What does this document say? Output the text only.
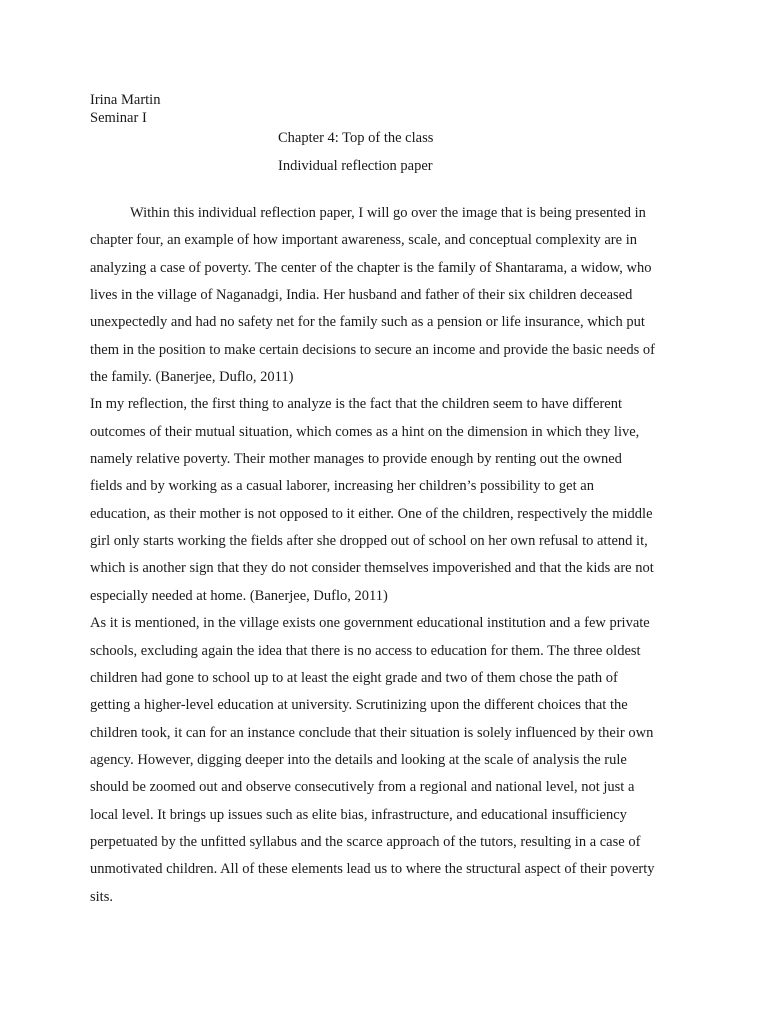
Irina Martin
Seminar I
Chapter 4: Top of the class
Individual reflection paper
Within this individual reflection paper, I will go over the image that is being presented in
chapter four, an example of how important awareness, scale, and conceptual complexity are in
analyzing a case of poverty. The center of the chapter is the family of Shantarama, a widow, who
lives in the village of Naganadgi, India. Her husband and father of their six children deceased
unexpectedly and had no safety net for the family such as a pension or life insurance, which put
them in the position to make certain decisions to secure an income and provide the basic needs of
the family. (Banerjee, Duflo, 2011)
In my reflection, the first thing to analyze is the fact that the children seem to have different
outcomes of their mutual situation, which comes as a hint on the dimension in which they live,
namely relative poverty. Their mother manages to provide enough by renting out the owned
fields and by working as a casual laborer, increasing her children’s possibility to get an
education, as their mother is not opposed to it either. One of the children, respectively the middle
girl only starts working the fields after she dropped out of school on her own refusal to attend it,
which is another sign that they do not consider themselves impoverished and that the kids are not
especially needed at home. (Banerjee, Duflo, 2011)
As it is mentioned, in the village exists one government educational institution and a few private
schools, excluding again the idea that there is no access to education for them. The three oldest
children had gone to school up to at least the eight grade and two of them chose the path of
getting a higher-level education at university. Scrutinizing upon the different choices that the
children took, it can for an instance conclude that their situation is solely influenced by their own
agency. However, digging deeper into the details and looking at the scale of analysis the rule
should be zoomed out and observe consecutively from a regional and national level, not just a
local level. It brings up issues such as elite bias, infrastructure, and educational insufficiency
perpetuated by the unfitted syllabus and the scarce approach of the tutors, resulting in a case of
unmotivated children. All of these elements lead us to where the structural aspect of their poverty
sits.
